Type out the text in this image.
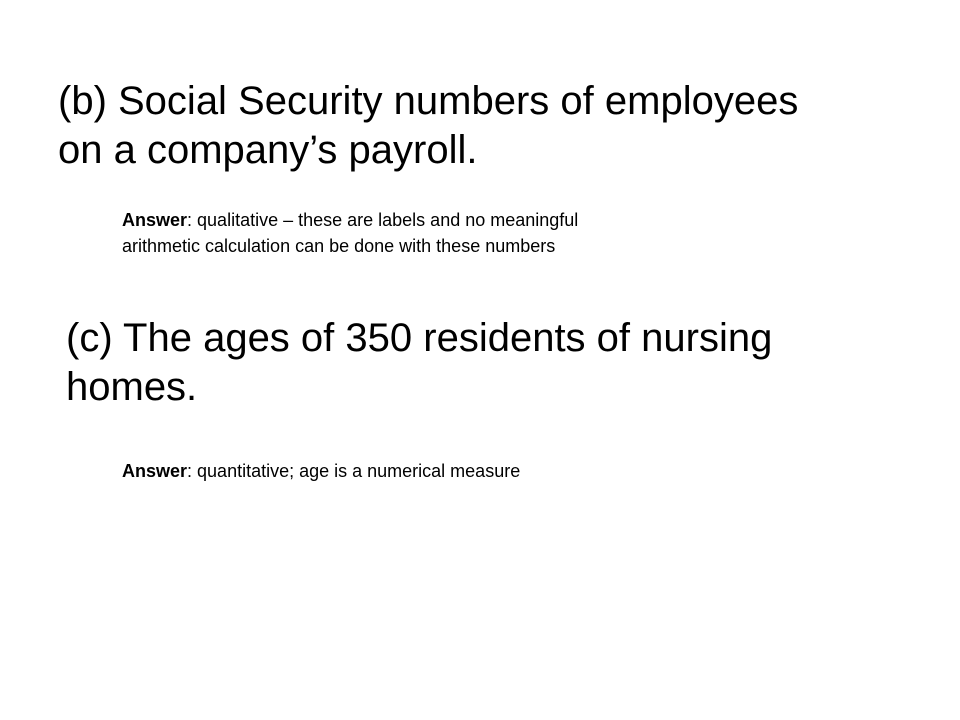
(b) Social Security numbers of employees
on a company’s payroll.
Answer: qualitative – these are labels and no meaningful
arithmetic calculation can be done with these numbers
(c) The ages of 350 residents of nursing
homes.
Answer: quantitative; age is a numerical measure
